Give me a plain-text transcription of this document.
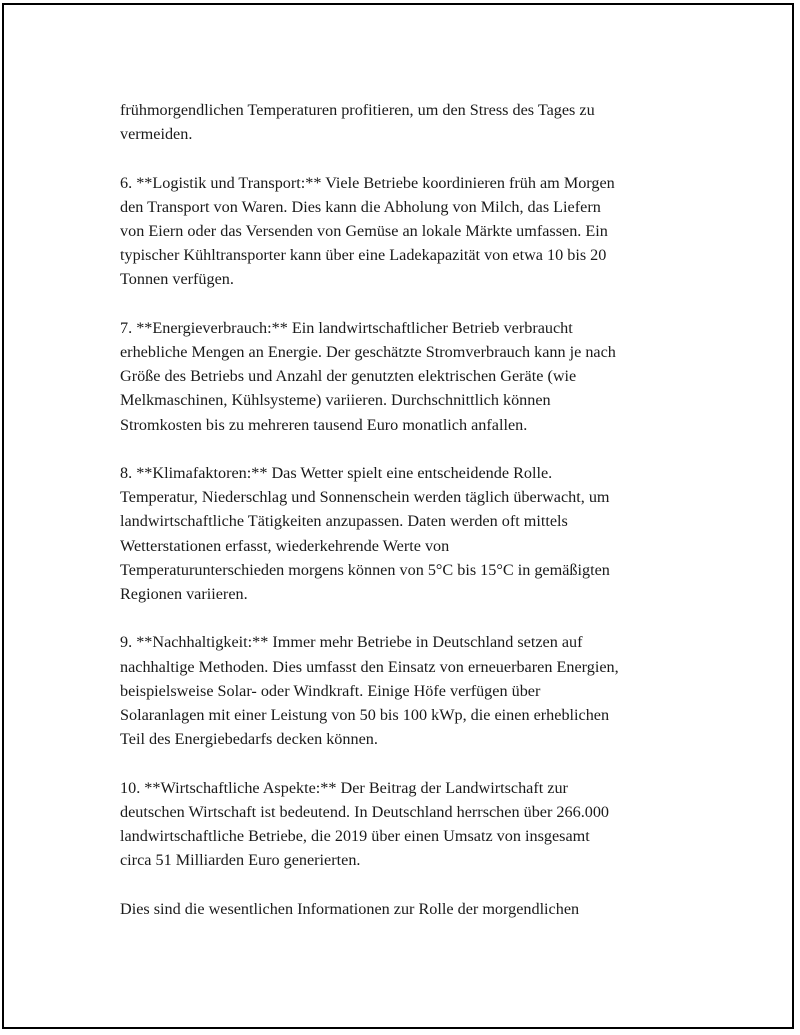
frühmorgendlichen Temperaturen profitieren, um den Stress des Tages zu
vermeiden.

6. **Logistik und Transport:** Viele Betriebe koordinieren früh am Morgen
den Transport von Waren. Dies kann die Abholung von Milch, das Liefern
von Eiern oder das Versenden von Gemüse an lokale Märkte umfassen. Ein
typischer Kühltransporter kann über eine Ladekapazität von etwa 10 bis 20
Tonnen verfügen.

7. **Energieverbrauch:** Ein landwirtschaftlicher Betrieb verbraucht
erhebliche Mengen an Energie. Der geschätzte Stromverbrauch kann je nach
Größe des Betriebs und Anzahl der genutzten elektrischen Geräte (wie
Melkmaschinen, Kühlsysteme) variieren. Durchschnittlich können
Stromkosten bis zu mehreren tausend Euro monatlich anfallen.

8. **Klimafaktoren:** Das Wetter spielt eine entscheidende Rolle.
Temperatur, Niederschlag und Sonnenschein werden täglich überwacht, um
landwirtschaftliche Tätigkeiten anzupassen. Daten werden oft mittels
Wetterstationen erfasst, wiederkehrende Werte von
Temperaturunterschieden morgens können von 5°C bis 15°C in gemäßigten
Regionen variieren.

9. **Nachhaltigkeit:** Immer mehr Betriebe in Deutschland setzen auf
nachhaltige Methoden. Dies umfasst den Einsatz von erneuerbaren Energien,
beispielsweise Solar- oder Windkraft. Einige Höfe verfügen über
Solaranlagen mit einer Leistung von 50 bis 100 kWp, die einen erheblichen
Teil des Energiebedarfs decken können.

10. **Wirtschaftliche Aspekte:** Der Beitrag der Landwirtschaft zur
deutschen Wirtschaft ist bedeutend. In Deutschland herrschen über 266.000
landwirtschaftliche Betriebe, die 2019 über einen Umsatz von insgesamt
circa 51 Milliarden Euro generierten.

Dies sind die wesentlichen Informationen zur Rolle der morgendlichen
